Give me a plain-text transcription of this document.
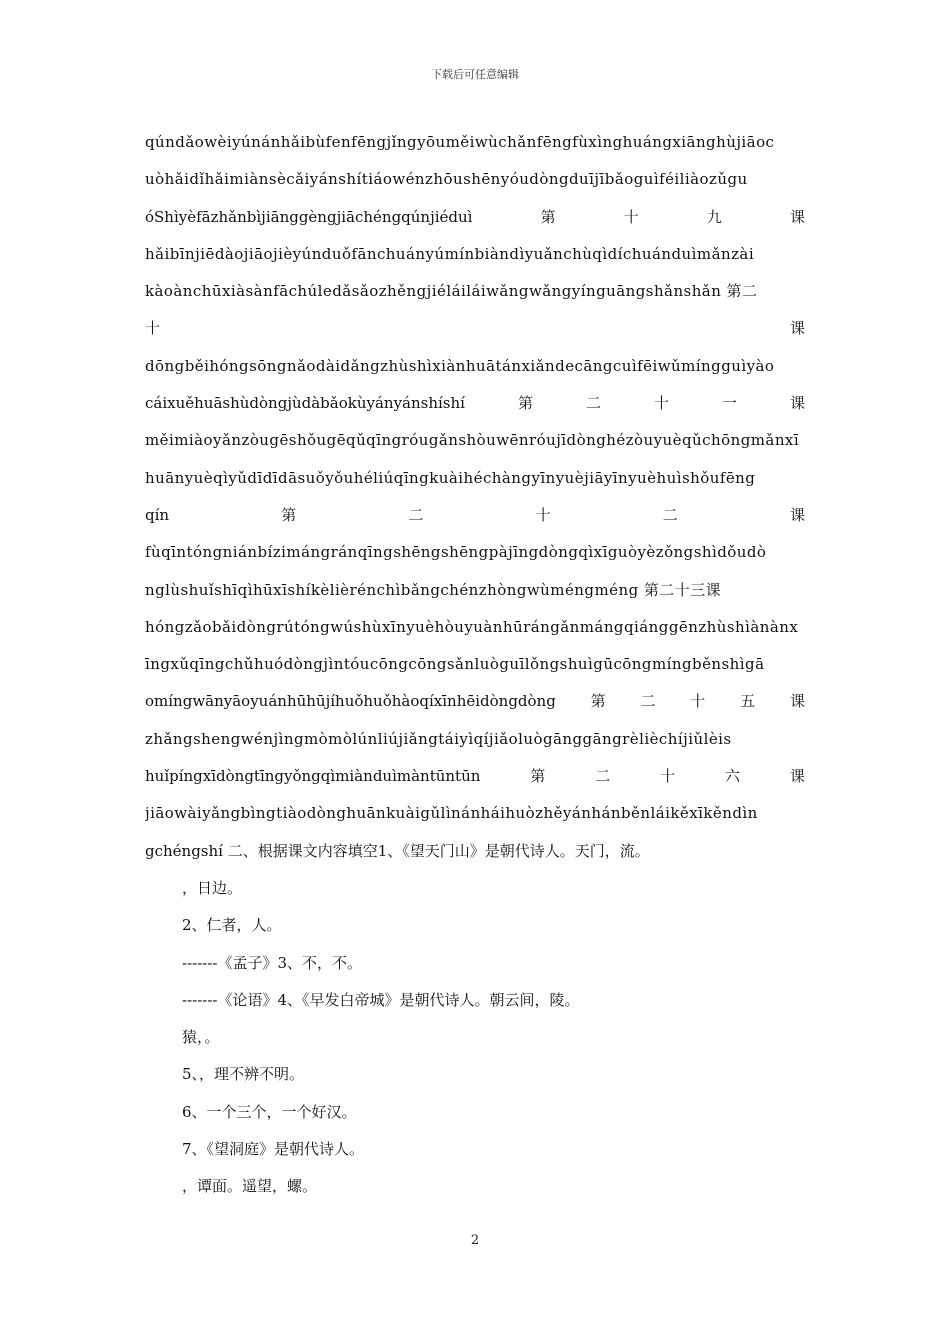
下载后可任意编辑
qúndǎowèiyúnánhǎibùfenfēngjǐngyōuměiwùchǎnfēngfùxìnghuángxiānghùjiāoc
uòhǎidǐhǎimiànsècǎiyánshítiáowénzhōushēnyóudòngduījībǎoguìféiliàozǔgu
óShìyèfāzhǎnbìjiānggèngjiāchéngqúnjiéduì	第	十	九	课
hǎibīnjiēdàojiāojièyúnduǒfānchuányúmínbiàndìyuǎnchùqìdíchuánduìmǎnzài
kàoànchūxiàsànfāchúledǎsǎozhěngjiéláiláiwǎngwǎngyínguāngshǎnshǎn 第二
十	课
dōngběihóngsōngnǎodàidǎngzhùshìxiànhuātánxiǎndecāngcuìfēiwǔmíngguìyào
cáixuěhuāshùdòngjùdàbǎokùyányánshíshí	第	二	十	一	课
měimiàoyǎnzòugēshǒugēqǔqīngróugǎnshòuwēnróujīdònghézòuyuèqǔchōngmǎnxī
huānyuèqìyǔdīdīdāsuǒyǒuhéliúqīngkuàihéchàngyīnyuèjiāyīnyuèhuìshǒufēng
qín	第	二	十	二	课
fùqīntóngniánbízimángránqīngshēngshēngpàjīngdòngqìxīguòyèzǒngshìdǒudò
nglùshuǐshīqìhūxīshíkèlièrénchìbǎngchénzhòngwùméngméng 第二十三课
hóngzǎobǎidòngrútóngwúshùxīnyuèhòuyuànhūrángǎnmángqiánggēnzhùshìànànx
īngxǔqīngchǔhuódòngjìntóucōngcōngsǎnluòguīlǒngshuìgūcōngmíngběnshìgā
omíngwānyāoyuánhūhūjíhuǒhuǒhàoqíxīnhēidòngdòng 第 二 十 五 课
zhǎngshengwénjìngmòmòlúnliújiǎngtáiyìqíjiǎoluògānggāngrèlièchíjiǔlèis
huǐpíngxīdòngtīngyǒngqìmiànduìmàntūntūn	第	二	十	六	课
jiāowàiyǎngbìngtiàodònghuānkuàigǔlìnánháihuòzhěyánhánběnláikěxīkěndìn
gchéngshí 二、根据课文内容填空1、《望天门山》是朝代诗人。天门，流。
，日边。
2、仁者，人。
-------《孟子》3、不，不。
-------《论语》4、《早发白帝城》是朝代诗人。朝云间，陵。
猿，。
5、，理不辨不明。
6、一个三个，一个好汉。
7、《望洞庭》是朝代诗人。
，谭面。遥望，螺。
2
